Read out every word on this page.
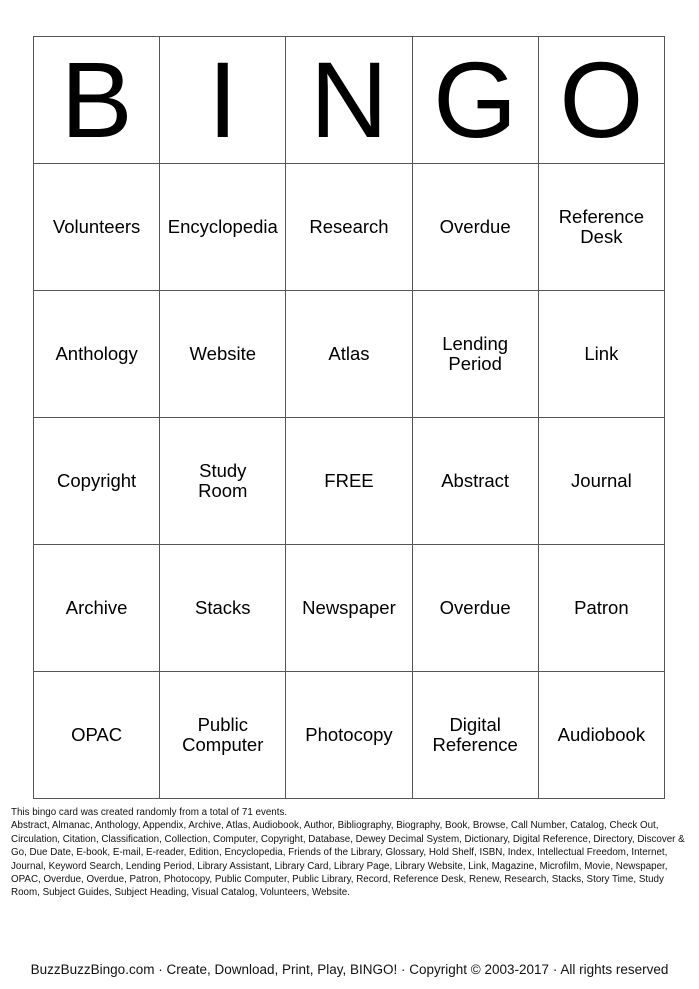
B	I	N	G	O
Volunteers	Encyclopedia	Research	Overdue	Reference Desk
Anthology	Website	Atlas	Lending Period	Link
Copyright	Study Room	FREE	Abstract	Journal
Archive	Stacks	Newspaper	Overdue	Patron
OPAC	Public Computer	Photocopy	Digital Reference	Audiobook

This bingo card was created randomly from a total of 71 events.

Abstract, Almanac, Anthology, Appendix, Archive, Atlas, Audiobook, Author, Bibliography, Biography, Book, Browse, Call Number, Catalog, Check Out, Circulation, Citation, Classification, Collection, Computer, Copyright, Database, Dewey Decimal System, Dictionary, Digital Reference, Directory, Discover & Go, Due Date, E-book, E-mail, E-reader, Edition, Encyclopedia, Friends of the Library, Glossary, Hold Shelf, ISBN, Index, Intellectual Freedom, Internet, Journal, Keyword Search, Lending Period, Library Assistant, Library Card, Library Page, Library Website, Link, Magazine, Microfilm, Movie, Newspaper, OPAC, Overdue, Overdue, Patron, Photocopy, Public Computer, Public Library, Record, Reference Desk, Renew, Research, Stacks, Story Time, Study Room, Subject Guides, Subject Heading, Visual Catalog, Volunteers, Website.

BuzzBuzzBingo.com · Create, Download, Print, Play, BINGO! · Copyright © 2003-2017 · All rights reserved
